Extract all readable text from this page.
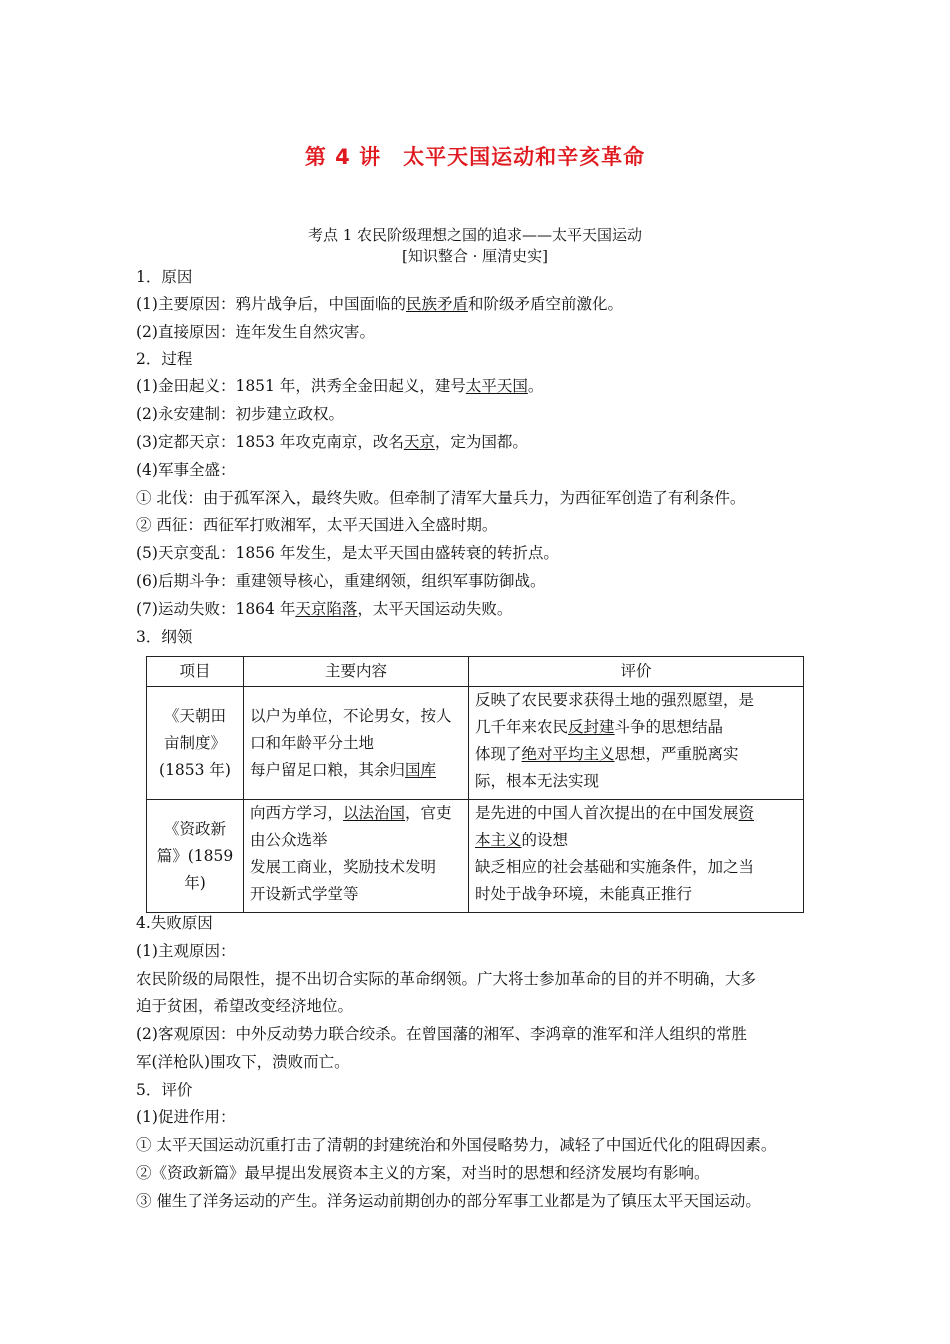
第 4 讲　太平天国运动和辛亥革命
考点 1 农民阶级理想之国的追求——太平天国运动
[知识整合 · 厘清史实]
1．原因
(1)主要原因：鸦片战争后，中国面临的民族矛盾和阶级矛盾空前激化。
(2)直接原因：连年发生自然灾害。
2．过程
(1)金田起义：1851 年，洪秀全金田起义，建号太平天国。
(2)永安建制：初步建立政权。
(3)定都天京：1853 年攻克南京，改名天京，定为国都。
(4)军事全盛：
① 北伐：由于孤军深入，最终失败。但牵制了清军大量兵力，为西征军创造了有利条件。
② 西征：西征军打败湘军，太平天国进入全盛时期。
(5)天京变乱：1856 年发生，是太平天国由盛转衰的转折点。
(6)后期斗争：重建领导核心，重建纲领，组织军事防御战。
(7)运动失败：1864 年天京陷落，太平天国运动失败。
3．纲领
项目	主要内容	评价

《天朝田
亩制度》
(1853 年)	以户为单位，不论男女，按人
口和年龄平分土地
每户留足口粮，其余归国库	反映了农民要求获得土地的强烈愿望，是
几千年来农民反封建斗争的思想结晶
体现了绝对平均主义思想，严重脱离实
际，根本无法实现

《资政新
篇》(1859
年)	向西方学习，以法治国，官吏
由公众选举
发展工商业，奖励技术发明
开设新式学堂等	是先进的中国人首次提出的在中国发展资
本主义的设想
缺乏相应的社会基础和实施条件，加之当
时处于战争环境，未能真正推行
4.失败原因
(1)主观原因：
农民阶级的局限性，提不出切合实际的革命纲领。广大将士参加革命的目的并不明确，大多
迫于贫困，希望改变经济地位。
(2)客观原因：中外反动势力联合绞杀。在曾国藩的湘军、李鸿章的淮军和洋人组织的常胜
军(洋枪队)围攻下，溃败而亡。
5．评价
(1)促进作用：
① 太平天国运动沉重打击了清朝的封建统治和外国侵略势力，减轻了中国近代化的阻碍因素。
②《资政新篇》最早提出发展资本主义的方案，对当时的思想和经济发展均有影响。
③ 催生了洋务运动的产生。洋务运动前期创办的部分军事工业都是为了镇压太平天国运动。
